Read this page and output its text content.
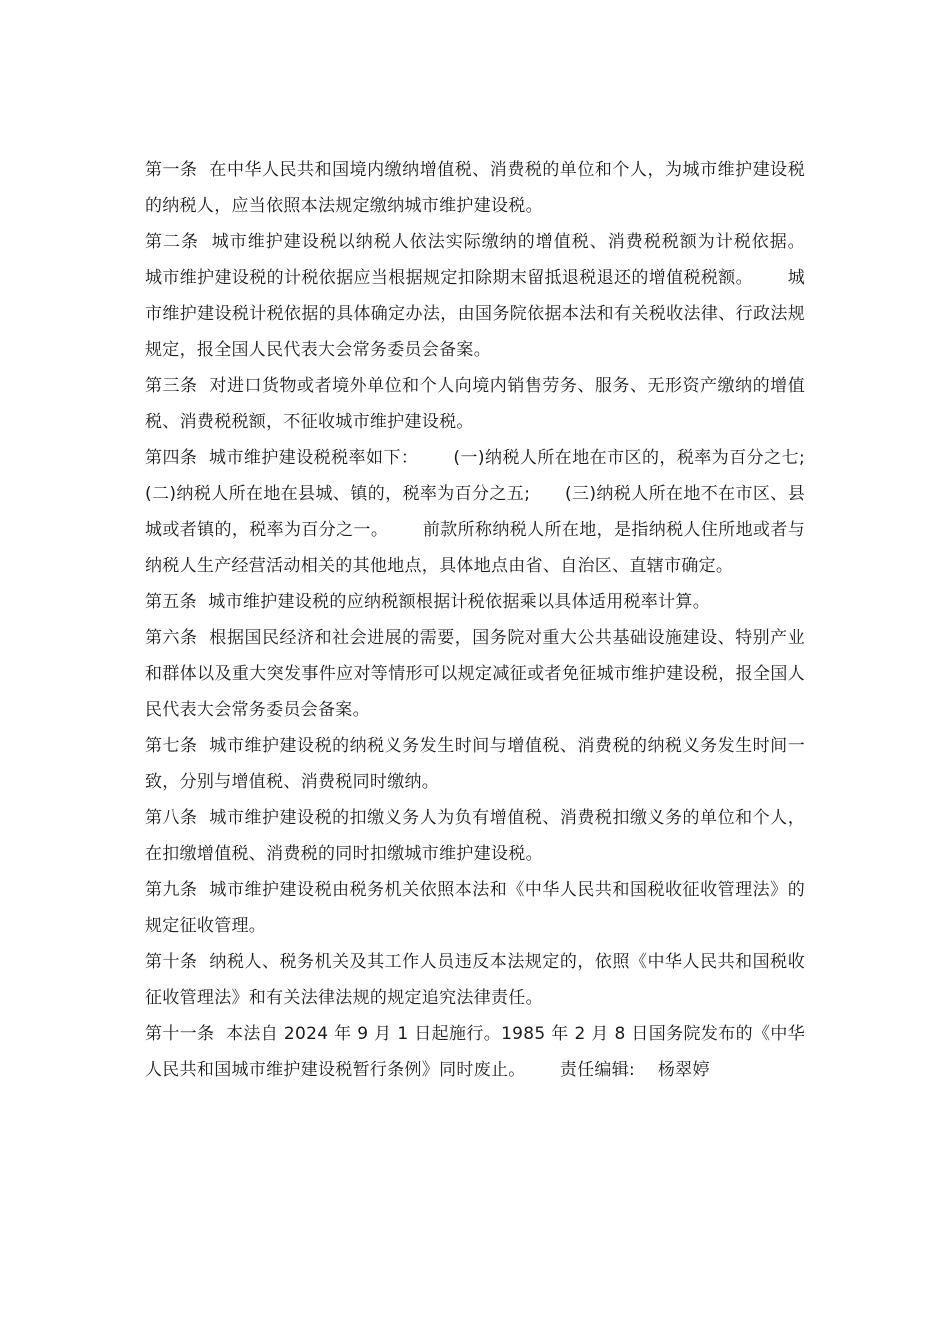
第一条  在中华人民共和国境内缴纳增值税、消费税的单位和个人，为城市维护建设税的纳税人，应当依照本法规定缴纳城市维护建设税。

第二条  城市维护建设税以纳税人依法实际缴纳的增值税、消费税税额为计税依据。      城市维护建设税的计税依据应当根据规定扣除期末留抵退税退还的增值税税额。      城市维护建设税计税依据的具体确定办法，由国务院依据本法和有关税收法律、行政法规规定，报全国人民代表大会常务委员会备案。

第三条  对进口货物或者境外单位和个人向境内销售劳务、服务、无形资产缴纳的增值税、消费税税额，不征收城市维护建设税。

第四条  城市维护建设税税率如下：      (一)纳税人所在地在市区的，税率为百分之七;      (二)纳税人所在地在县城、镇的，税率为百分之五;      (三)纳税人所在地不在市区、县城或者镇的，税率为百分之一。      前款所称纳税人所在地，是指纳税人住所地或者与纳税人生产经营活动相关的其他地点，具体地点由省、自治区、直辖市确定。

第五条  城市维护建设税的应纳税额根据计税依据乘以具体适用税率计算。

第六条  根据国民经济和社会进展的需要，国务院对重大公共基础设施建设、特别产业和群体以及重大突发事件应对等情形可以规定减征或者免征城市维护建设税，报全国人民代表大会常务委员会备案。

第七条  城市维护建设税的纳税义务发生时间与增值税、消费税的纳税义务发生时间一致，分别与增值税、消费税同时缴纳。

第八条  城市维护建设税的扣缴义务人为负有增值税、消费税扣缴义务的单位和个人，在扣缴增值税、消费税的同时扣缴城市维护建设税。

第九条  城市维护建设税由税务机关依照本法和《中华人民共和国税收征收管理法》的规定征收管理。

第十条  纳税人、税务机关及其工作人员违反本法规定的，依照《中华人民共和国税收征收管理法》和有关法律法规的规定追究法律责任。

第十一条  本法自 2024 年 9 月 1 日起施行。1985 年 2 月 8 日国务院发布的《中华人民共和国城市维护建设税暂行条例》同时废止。      责任编辑:    杨翠婷
